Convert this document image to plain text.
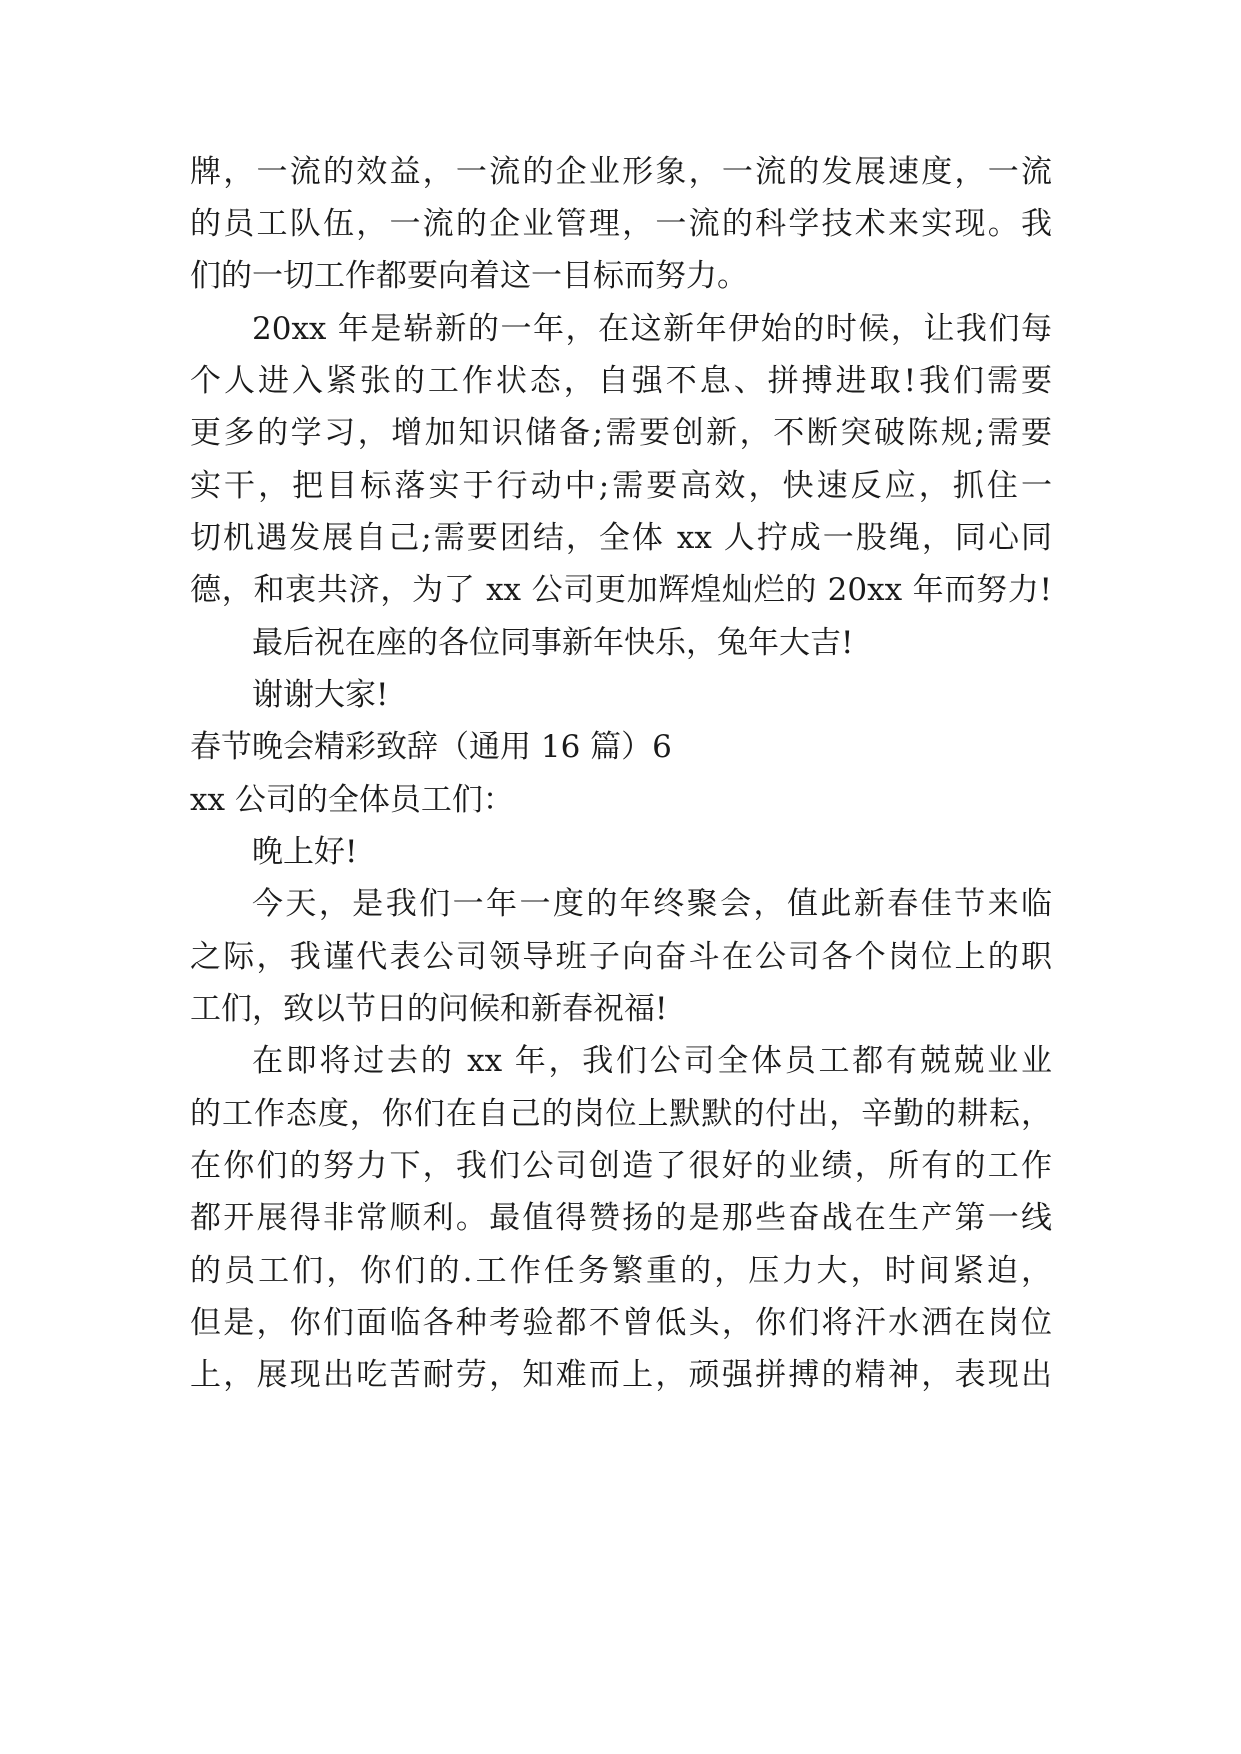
牌，一流的效益，一流的企业形象，一流的发展速度，一流
的员工队伍，一流的企业管理，一流的科学技术来实现。我
们的一切工作都要向着这一目标而努力。
20xx 年是崭新的一年，在这新年伊始的时候，让我们每
个人进入紧张的工作状态，自强不息、拼搏进取!我们需要
更多的学习，增加知识储备;需要创新，不断突破陈规;需要
实干，把目标落实于行动中;需要高效，快速反应，抓住一
切机遇发展自己;需要团结，全体 xx 人拧成一股绳，同心同
德，和衷共济，为了 xx 公司更加辉煌灿烂的 20xx 年而努力!
最后祝在座的各位同事新年快乐，兔年大吉!
谢谢大家!
春节晚会精彩致辞（通用 16 篇）6
xx 公司的全体员工们：
晚上好!
今天，是我们一年一度的年终聚会，值此新春佳节来临
之际，我谨代表公司领导班子向奋斗在公司各个岗位上的职
工们，致以节日的问候和新春祝福!
在即将过去的 xx 年，我们公司全体员工都有兢兢业业
的工作态度，你们在自己的岗位上默默的付出，辛勤的耕耘，
在你们的努力下，我们公司创造了很好的业绩，所有的工作
都开展得非常顺利。最值得赞扬的是那些奋战在生产第一线
的员工们，你们的.工作任务繁重的，压力大，时间紧迫，
但是，你们面临各种考验都不曾低头，你们将汗水洒在岗位
上，展现出吃苦耐劳，知难而上，顽强拼搏的精神，表现出
